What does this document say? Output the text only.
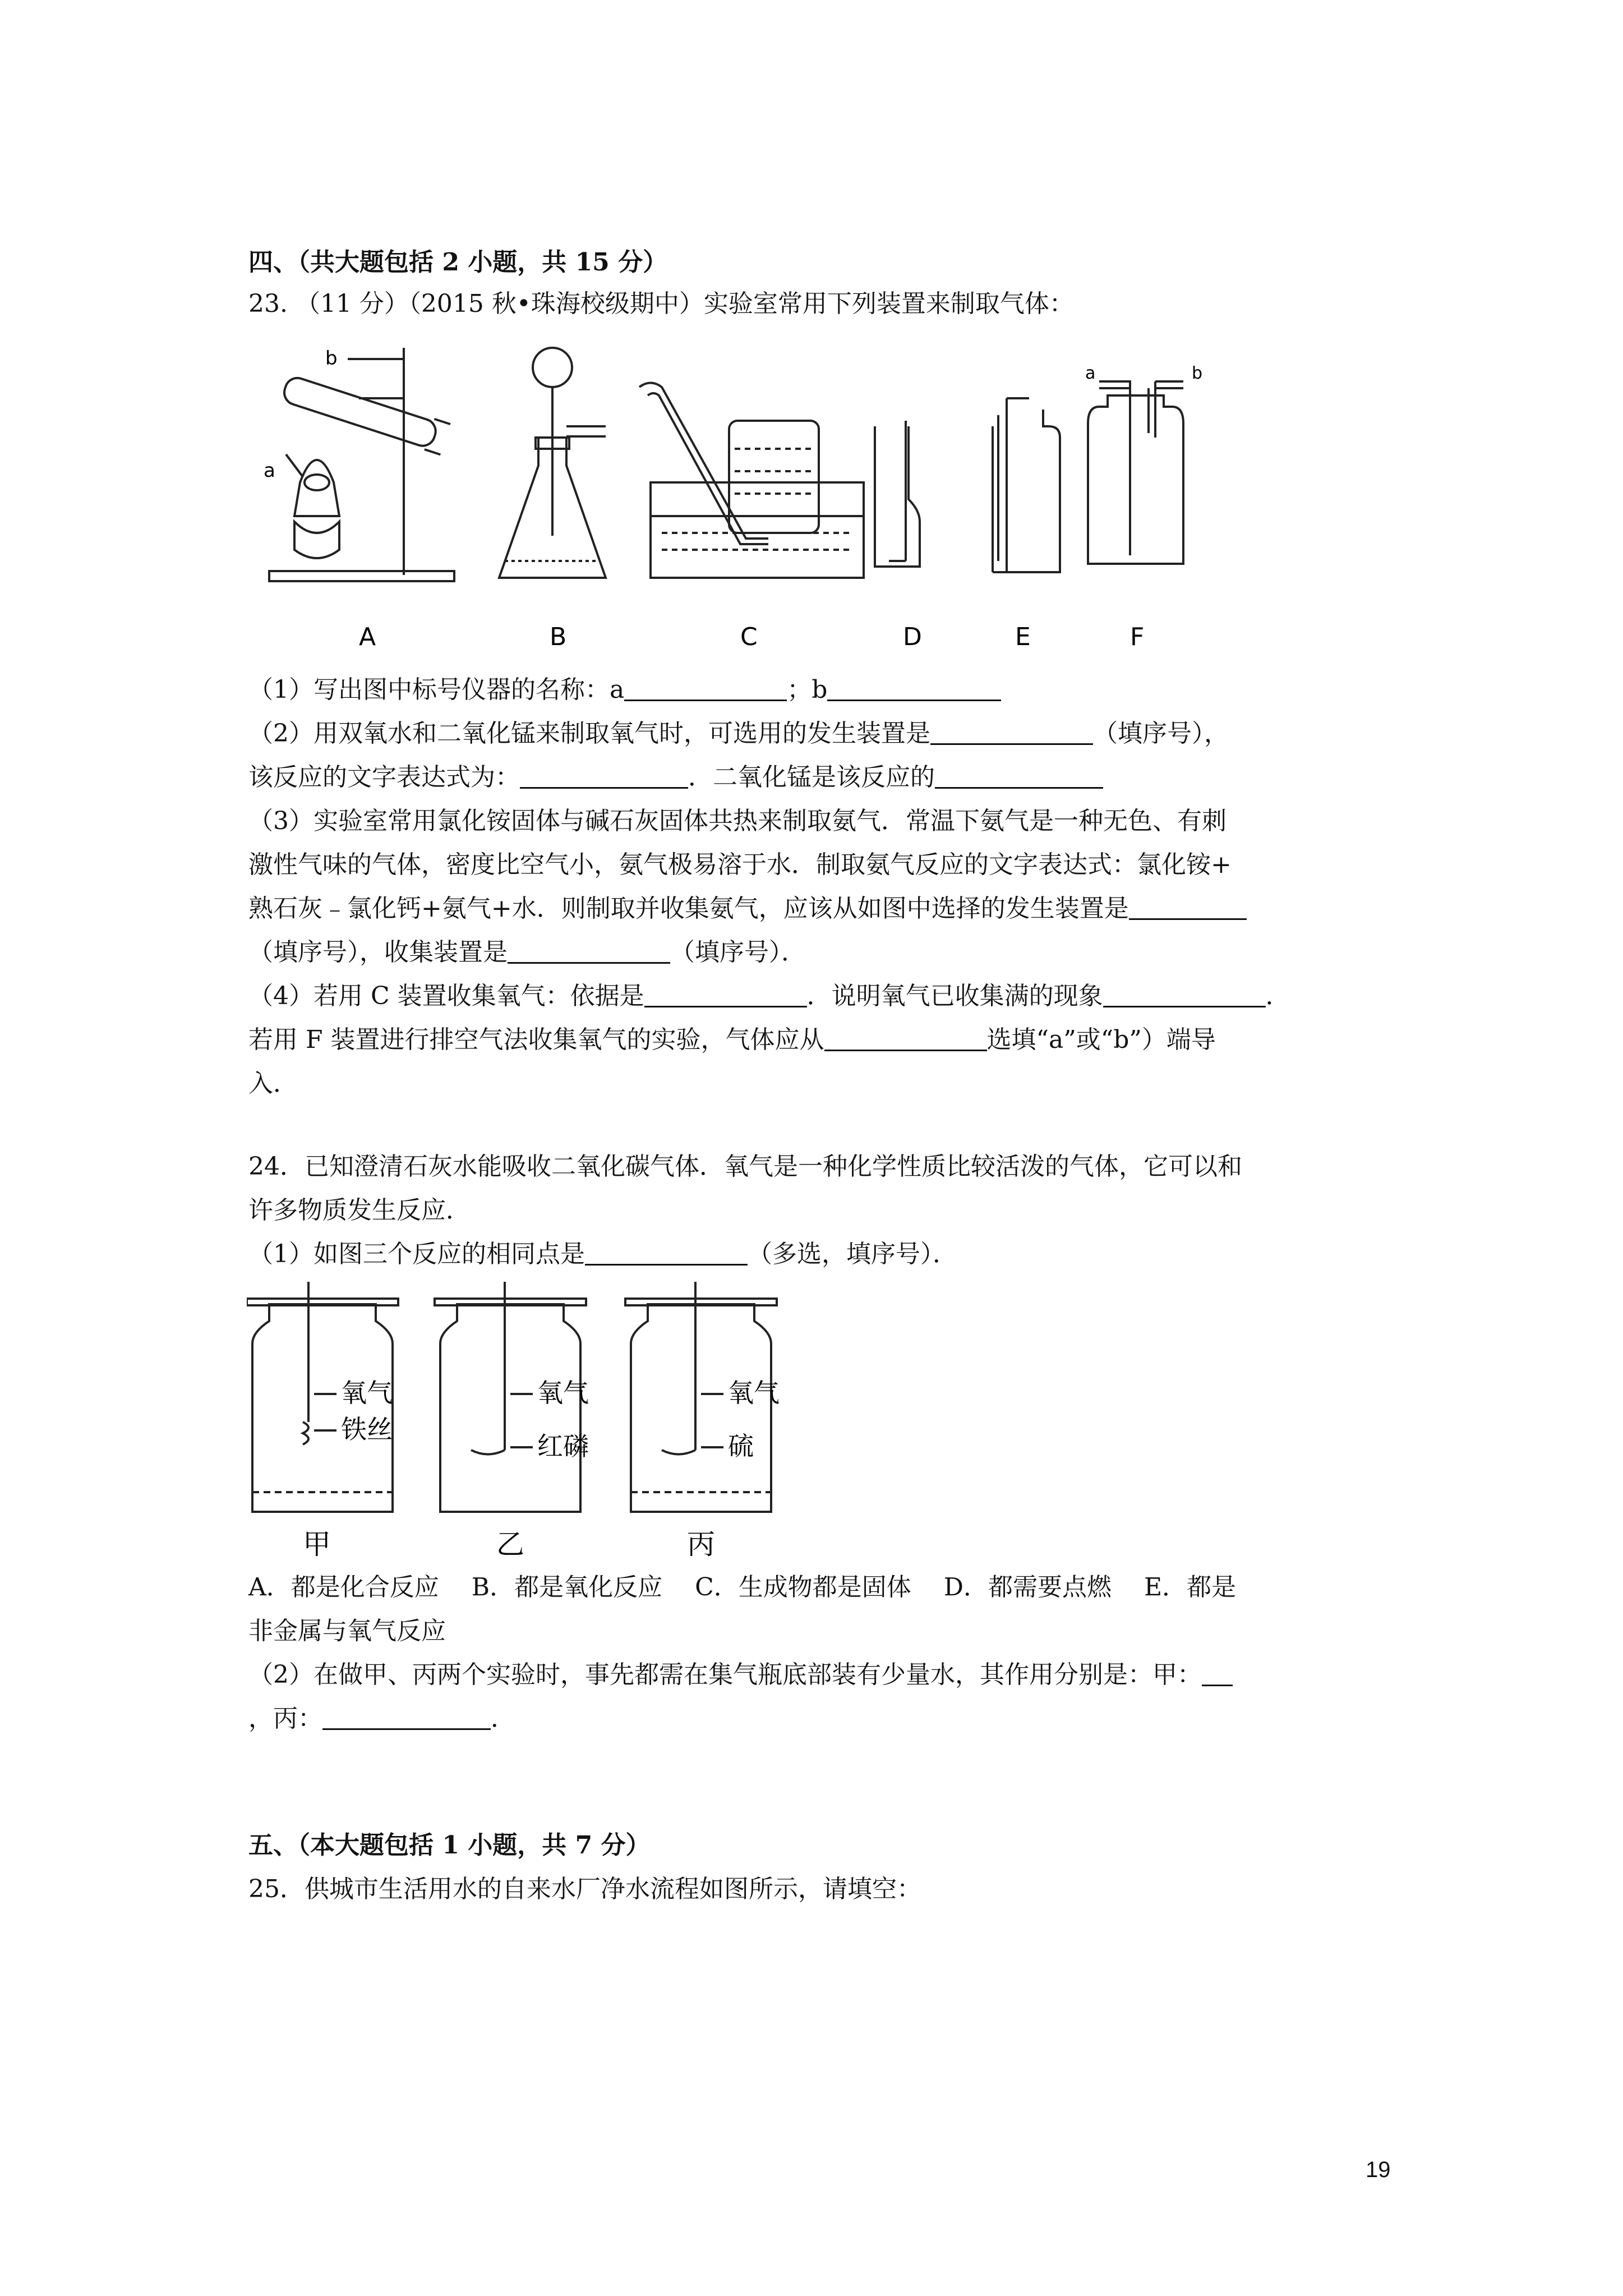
四、（共大题包括 2 小题，共 15 分）
23. （11 分）（2015 秋•珠海校级期中）实验室常用下列装置来制取气体：
a
b
a	b
A	B	C	D	E	F
（1）写出图中标号仪器的名称：a	；b
（2）用双氧水和二氧化锰来制取氧气时，可选用的发生装置是	（填序号），
该反应的文字表达式为：	．二氧化锰是该反应的
（3）实验室常用氯化铵固体与碱石灰固体共热来制取氨气．常温下氨气是一种无色、有刺
激性气味的气体，密度比空气小，氨气极易溶于水．制取氨气反应的文字表达式：氯化铵+
熟石灰﹣氯化钙+氨气+水．则制取并收集氨气，应该从如图中选择的发生装置是
（填序号），收集装置是	（填序号）．
（4）若用 C 装置收集氧气：依据是	．说明氧气已收集满的现象	．
若用 F 装置进行排空气法收集氧气的实验，气体应从	选填“a”或“b”）端导
入．
24．已知澄清石灰水能吸收二氧化碳气体．氧气是一种化学性质比较活泼的气体，它可以和
许多物质发生反应．
（1）如图三个反应的相同点是	（多选，填序号）．
氧气
铁丝
氧气
红磷
氧气
硫
甲	乙	丙
A．都是化合反应　 B．都是氧化反应　 C．生成物都是固体　 D．都需要点燃　 E．都是
非金属与氧气反应
（2）在做甲、丙两个实验时，事先都需在集气瓶底部装有少量水，其作用分别是：甲：
，丙：	．
五、（本大题包括 1 小题，共 7 分）
25．供城市生活用水的自来水厂净水流程如图所示，请填空：
19
